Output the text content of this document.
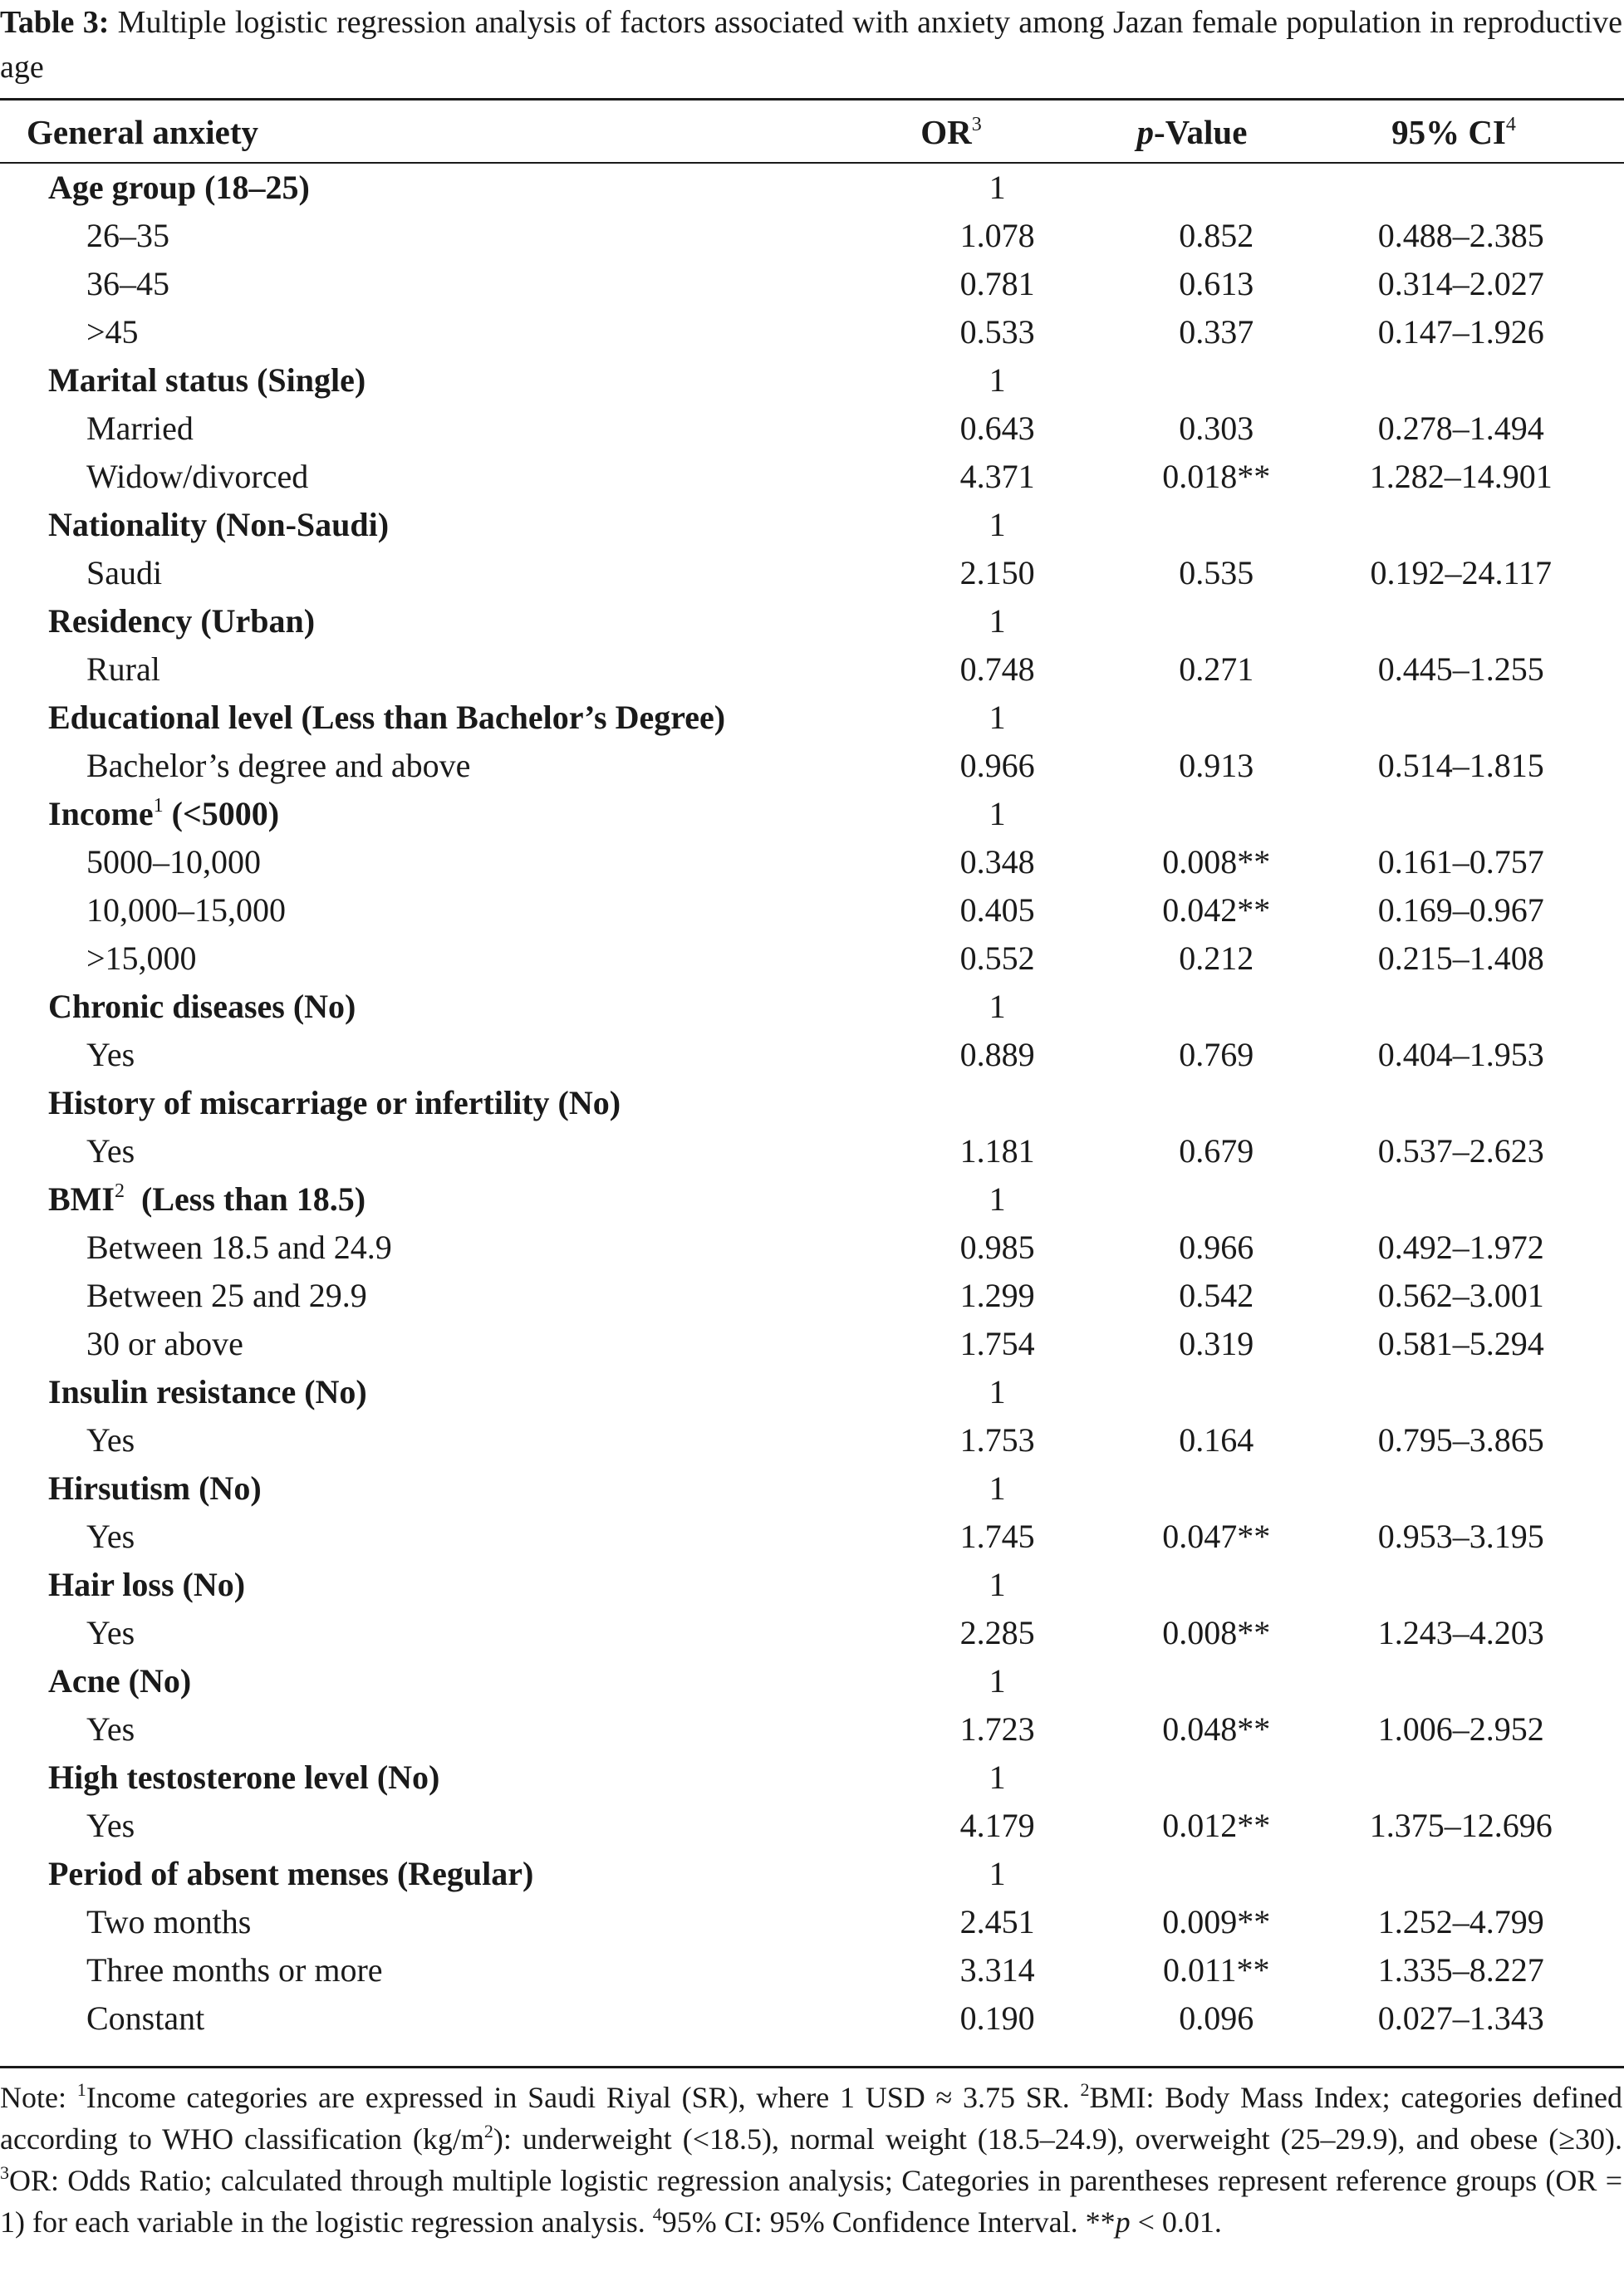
Table 3: Multiple logistic regression analysis of factors associated with anxiety among Jazan female population in reproductive age
General anxiety	$OR^3$	p-Value	95% $CI^4$
Age group (18–25)	1		
26–35	1.078	0.852	0.488–2.385
36–45	0.781	0.613	0.314–2.027
>45	0.533	0.337	0.147–1.926
Marital status (Single)	1		
Married	0.643	0.303	0.278–1.494
Widow/divorced	4.371	0.018**	1.282–14.901
Nationality (Non-Saudi)	1		
Saudi	2.150	0.535	0.192–24.117
Residency (Urban)	1		
Rural	0.748	0.271	0.445–1.255
Educational level (Less than Bachelor’s Degree)	1		
Bachelor’s degree and above	0.966	0.913	0.514–1.815
Income$^1$ (<5000)	1		
5000–10,000	0.348	0.008**	0.161–0.757
10,000–15,000	0.405	0.042**	0.169–0.967
>15,000	0.552	0.212	0.215–1.408
Chronic diseases (No)	1		
Yes	0.889	0.769	0.404–1.953
History of miscarriage or infertility (No)			
Yes	1.181	0.679	0.537–2.623
BMI$^2$  (Less than 18.5)	1		
Between 18.5 and 24.9	0.985	0.966	0.492–1.972
Between 25 and 29.9	1.299	0.542	0.562–3.001
30 or above	1.754	0.319	0.581–5.294
Insulin resistance (No)	1		
Yes	1.753	0.164	0.795–3.865
Hirsutism (No)	1		
Yes	1.745	0.047**	0.953–3.195
Hair loss (No)	1		
Yes	2.285	0.008**	1.243–4.203
Acne (No)	1		
Yes	1.723	0.048**	1.006–2.952
High testosterone level (No)	1		
Yes	4.179	0.012**	1.375–12.696
Period of absent menses (Regular)	1		
Two months	2.451	0.009**	1.252–4.799
Three months or more	3.314	0.011**	1.335–8.227
Constant	0.190	0.096	0.027–1.343
Note: $^1$Income categories are expressed in Saudi Riyal (SR), where 1 USD ≈ 3.75 SR. $^2$BMI: Body Mass Index; categories defined according to WHO classification $(kg/m^2)$: underweight (<18.5), normal weight (18.5–24.9), overweight (25–29.9), and obese (≥30). $^3$OR: Odds Ratio; calculated through multiple logistic regression analysis; Categories in parentheses represent reference groups (OR = 1) for each variable in the logistic regression analysis. $^4$95% CI: 95% Confidence Interval. **p < 0.01.
